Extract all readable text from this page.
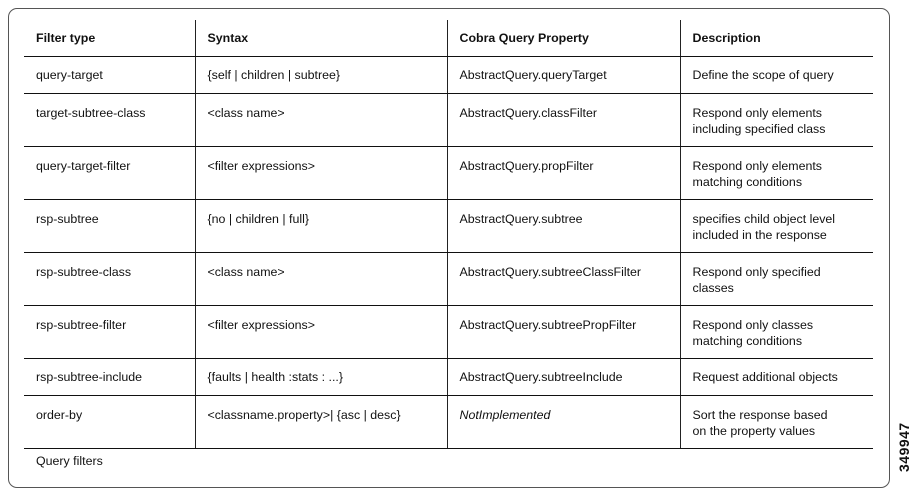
Filter type	Syntax	Cobra Query Property	Description
query-target	{self | children | subtree}	AbstractQuery.queryTarget	Define the scope of query
target-subtree-class	<class name>	AbstractQuery.classFilter	Respond only elements
including specified class

query-target-filter	<filter expressions>	AbstractQuery.propFilter	Respond only elements
matching conditions

rsp-subtree	{no | children | full}	AbstractQuery.subtree	specifies child object level
included in the response

rsp-subtree-class	<class name>	AbstractQuery.subtreeClassFilter	Respond only specified
classes

rsp-subtree-filter	<filter expressions>	AbstractQuery.subtreePropFilter	Respond only classes
matching conditions

rsp-subtree-include	{faults | health :stats : ...}	AbstractQuery.subtreeInclude	Request additional objects
order-by	<classname.property>| {asc | desc}	NotImplemented	Sort the response based
on the property values
Query filters	349947
